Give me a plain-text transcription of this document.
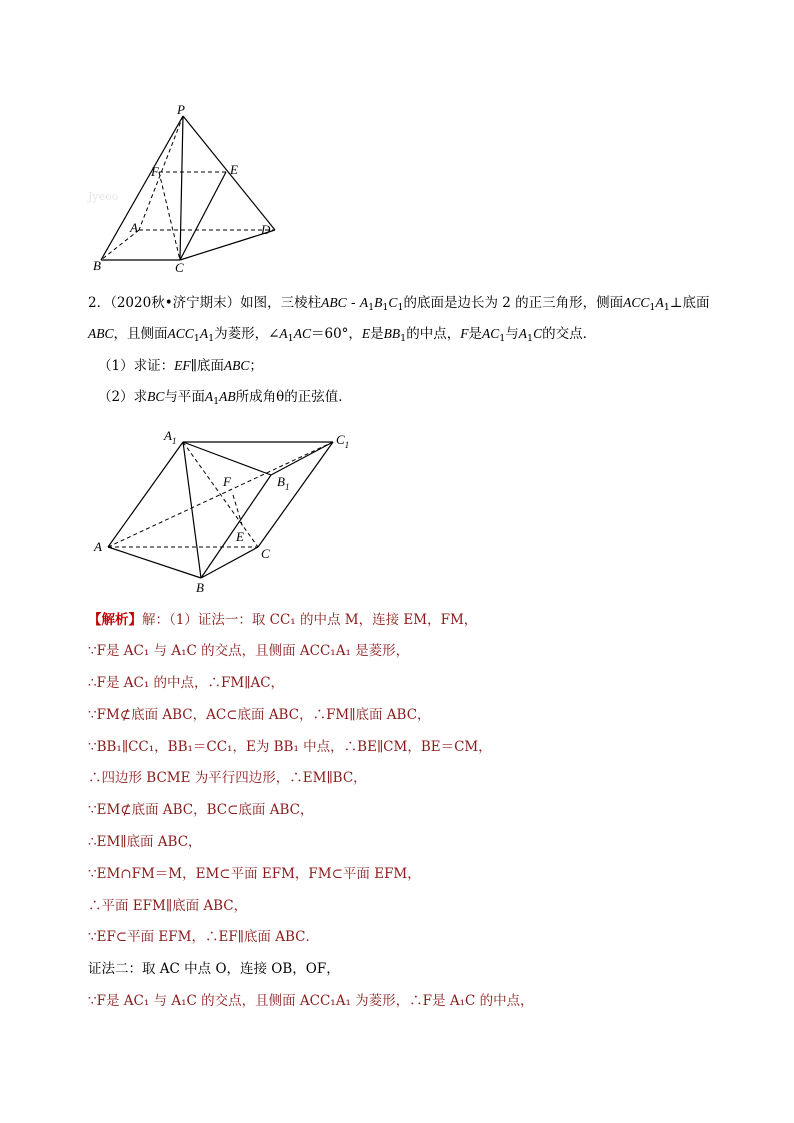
P
E
F
A	D
B	C
Jyeoo
2．（2020秋•济宁期末）如图，三棱柱ABC - $A_1B_1C_1$的底面是边长为 2 的正三角形，侧面$ACC_1A_1\perp$底面
ABC，且侧面$ACC_1A_1$为菱形，$\angle A_1AC=60^\circ$，E是$BB_1$的中点，F是$AC_1$与$A_1C$的交点．
（1）求证：EF∥底面ABC；
（2）求BC与平面$A_1AB$所成角θ的正弦值．
$A_1$	$C_1$
F	$B_1$
A
E
C
B
【解析】解：（1）证法一：取 CC₁ 的中点 M，连接 EM，FM，
∵F是 AC₁ 与 A₁C 的交点，且侧面 ACC₁A₁ 是菱形，
∴F是 AC₁ 的中点，∴FM∥AC，
∵FM⊄底面 ABC，AC⊂底面 ABC，∴FM∥底面 ABC，
∵BB₁∥CC₁，BB₁＝CC₁，E为 BB₁ 中点，∴BE∥CM，BE＝CM，
∴四边形 BCME 为平行四边形，∴EM∥BC，
∵EM⊄底面 ABC，BC⊂底面 ABC，
∴EM∥底面 ABC，
∵EM∩FM＝M，EM⊂平面 EFM，FM⊂平面 EFM，
∴平面 EFM∥底面 ABC，
∵EF⊂平面 EFM，∴EF∥底面 ABC．
证法二：取 AC 中点 O，连接 OB，OF，
∵F是 AC₁ 与 A₁C 的交点，且侧面 ACC₁A₁ 为菱形，∴F是 A₁C 的中点，
